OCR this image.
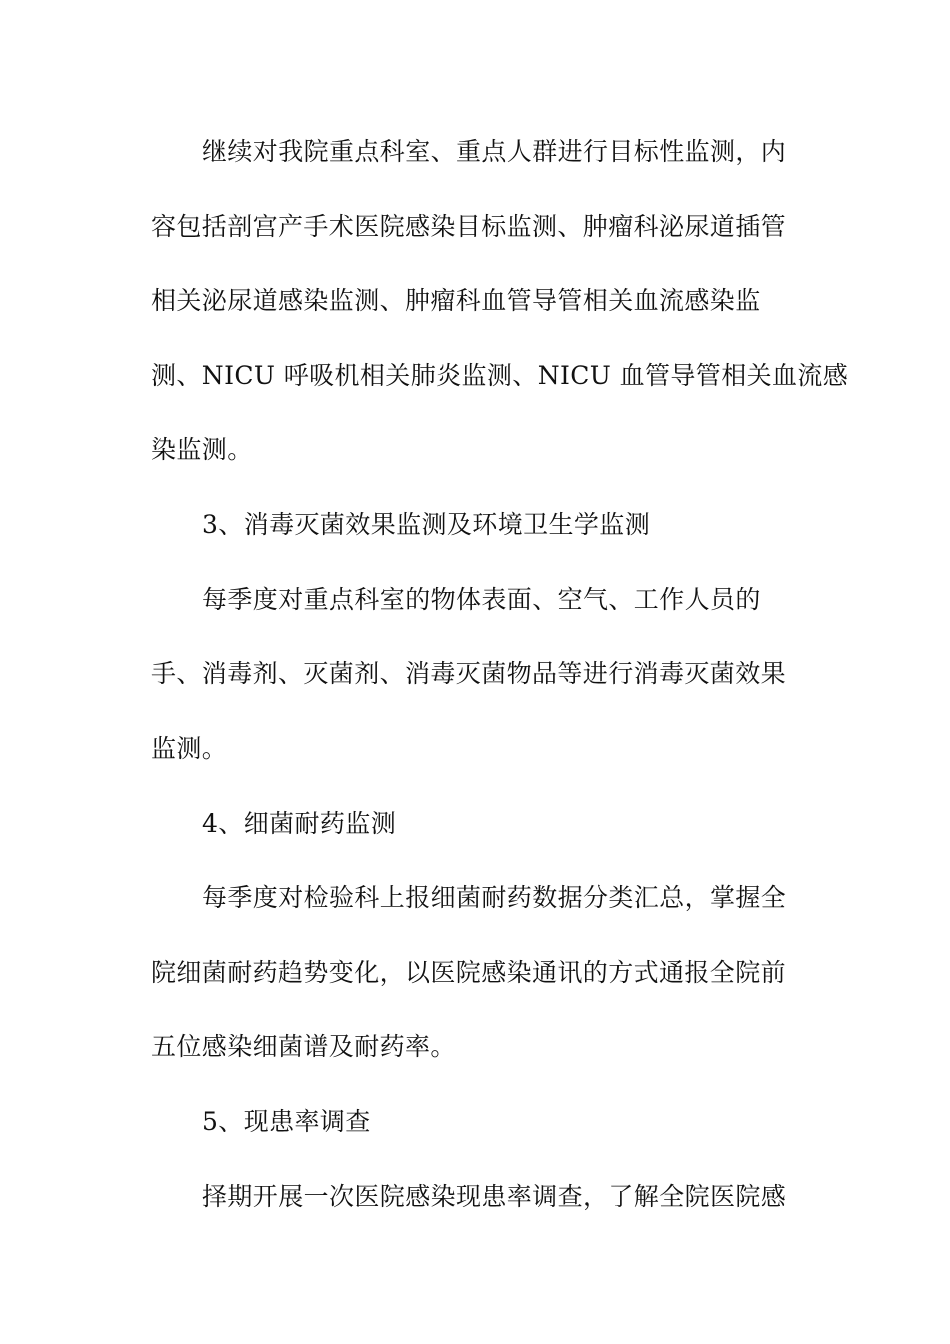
继续对我院重点科室、重点人群进行目标性监测，内
容包括剖宫产手术医院感染目标监测、肿瘤科泌尿道插管
相关泌尿道感染监测、肿瘤科血管导管相关血流感染监
测、NICU 呼吸机相关肺炎监测、NICU 血管导管相关血流感
染监测。
3、消毒灭菌效果监测及环境卫生学监测
每季度对重点科室的物体表面、空气、工作人员的
手、消毒剂、灭菌剂、消毒灭菌物品等进行消毒灭菌效果
监测。
4、细菌耐药监测
每季度对检验科上报细菌耐药数据分类汇总，掌握全
院细菌耐药趋势变化，以医院感染通讯的方式通报全院前
五位感染细菌谱及耐药率。
5、现患率调查
择期开展一次医院感染现患率调查，了解全院医院感
